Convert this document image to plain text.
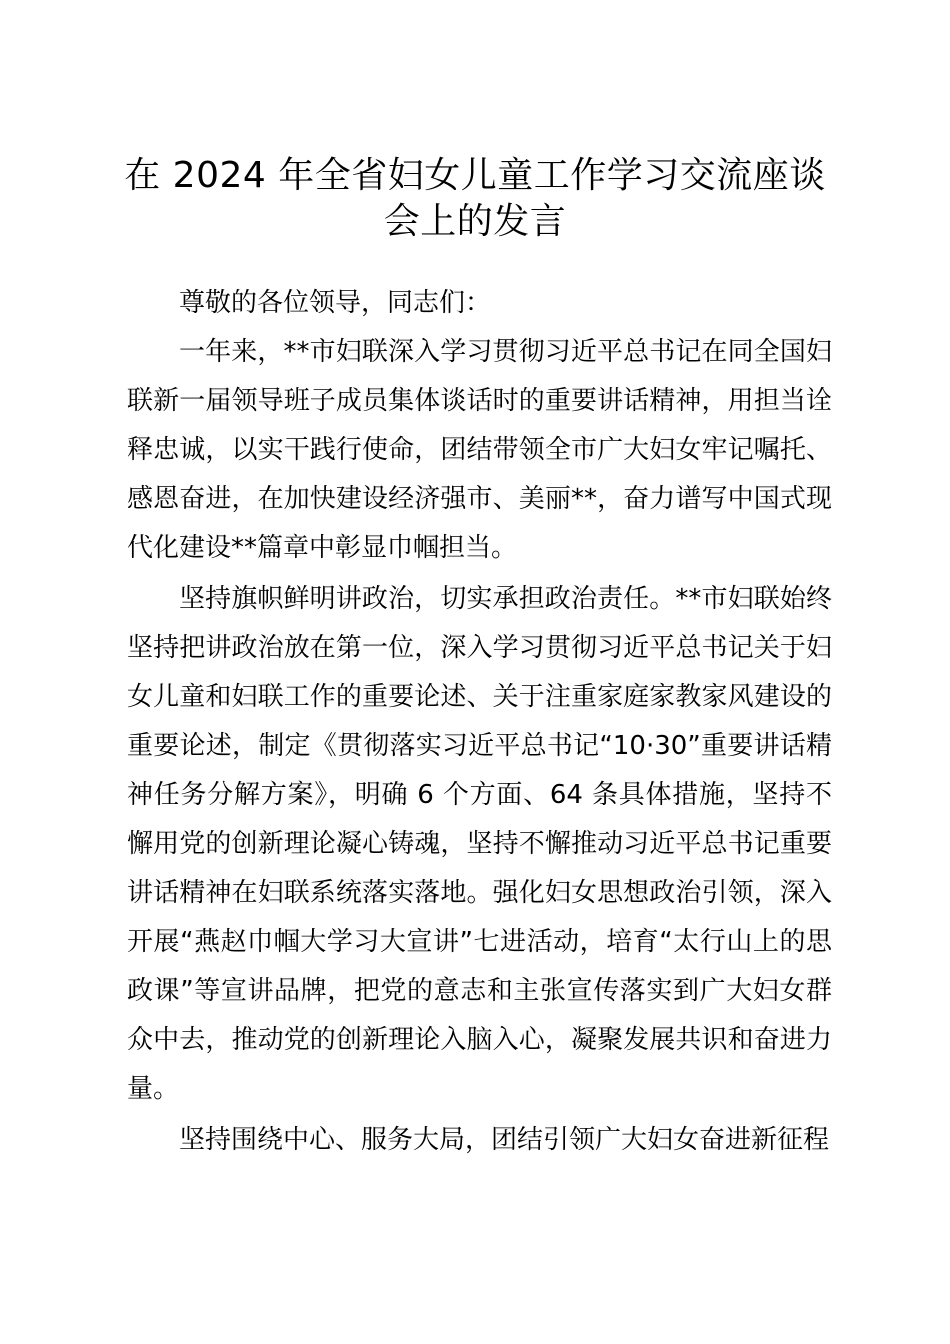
在 2024 年全省妇女儿童工作学习交流座谈会上的发言

尊敬的各位领导，同志们：

一年来，**市妇联深入学习贯彻习近平总书记在同全国妇联新一届领导班子成员集体谈话时的重要讲话精神，用担当诠释忠诚，以实干践行使命，团结带领全市广大妇女牢记嘱托、感恩奋进，在加快建设经济强市、美丽**，奋力谱写中国式现代化建设**篇章中彰显巾帼担当。

坚持旗帜鲜明讲政治，切实承担政治责任。**市妇联始终坚持把讲政治放在第一位，深入学习贯彻习近平总书记关于妇女儿童和妇联工作的重要论述、关于注重家庭家教家风建设的重要论述，制定《贯彻落实习近平总书记“10·30”重要讲话精神任务分解方案》，明确 6 个方面、64 条具体措施，坚持不懈用党的创新理论凝心铸魂，坚持不懈推动习近平总书记重要讲话精神在妇联系统落实落地。强化妇女思想政治引领，深入开展“燕赵巾帼大学习大宣讲”七进活动，培育“太行山上的思政课”等宣讲品牌，把党的意志和主张宣传落实到广大妇女群众中去，推动党的创新理论入脑入心，凝聚发展共识和奋进力量。

坚持围绕中心、服务大局，团结引领广大妇女奋进新征程
